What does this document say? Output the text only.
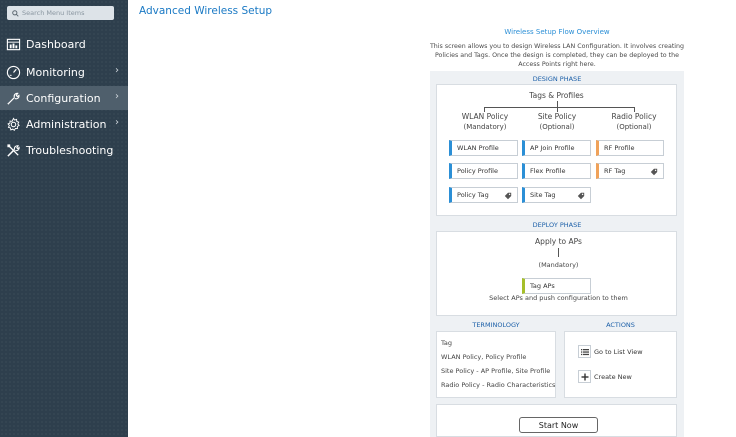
Search Menu Items
Dashboard
Monitoring	›
Configuration ›
Administration ›
Troubleshooting
Advanced Wireless Setup
Wireless Setup Flow Overview
This screen allows you to design Wireless LAN Configuration. It involves creating Policies and Tags. Once the design is completed, they can be deployed to the Access Points right here.
DESIGN PHASE
Tags & Profiles
WLAN Policy
(Mandatory)
Site Policy
(Optional)
Radio Policy
(Optional)
WLAN Profile
Policy Profile
Policy Tag
AP Join Profile
Flex Profile
Site Tag
RF Profile
RF Tag
DEPLOY PHASE
Apply to APs
(Mandatory)
Tag APs
Select APs and push configuration to them
TERMINOLOGY
Tag
WLAN Policy, Policy Profile
Site Policy - AP Profile, Site Profile
Radio Policy - Radio Characteristics
ACTIONS
Go to List View
Create New
Start Now
